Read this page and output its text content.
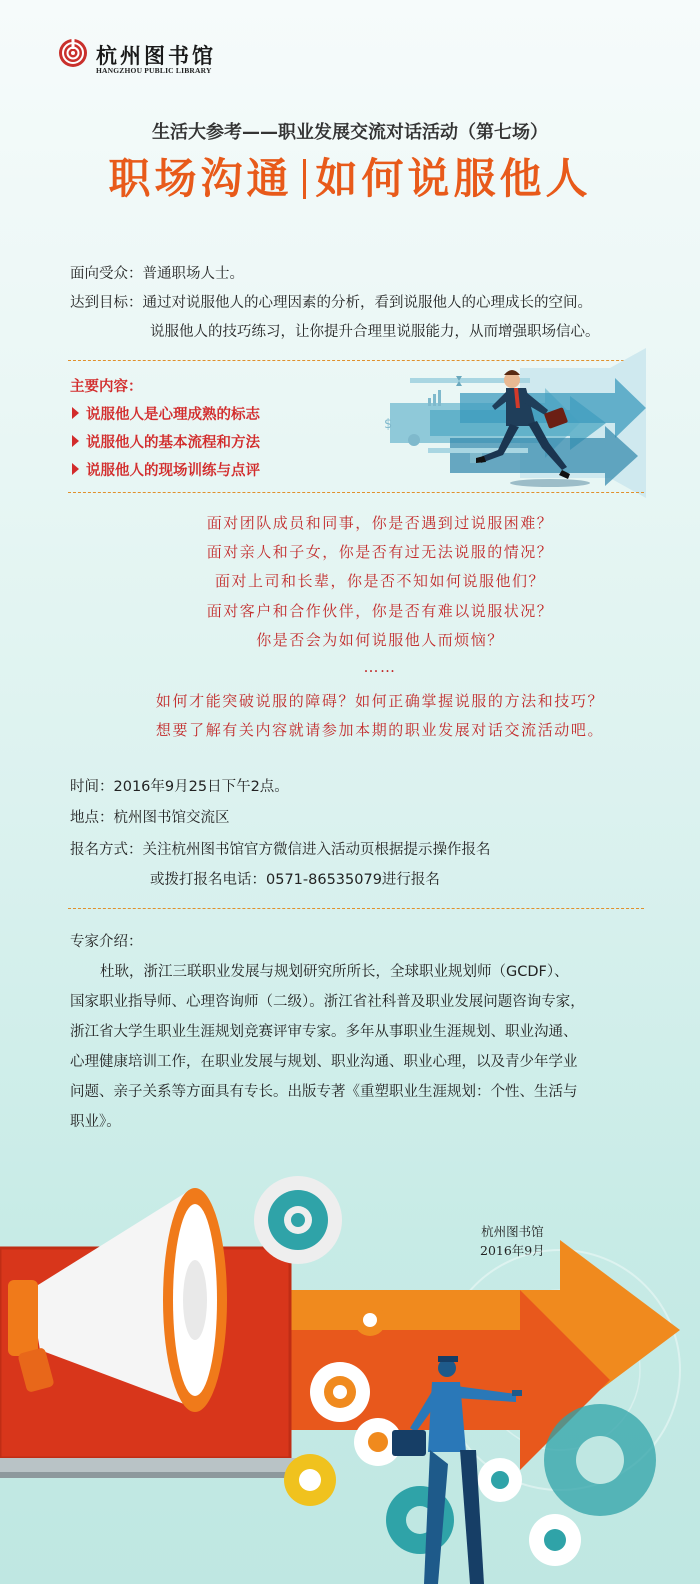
杭州图书馆
HANGZHOU PUBLIC LIBRARY
生活大参考——职业发展交流对话活动（第七场）
职场沟通 如何说服他人
面向受众：普通职场人士。
达到目标：通过对说服他人的心理因素的分析，看到说服他人的心理成长的空间。
说服他人的技巧练习，让你提升合理里说服能力，从而增强职场信心。
主要内容：
说服他人是心理成熟的标志
说服他人的基本流程和方法
说服他人的现场训练与点评
$
面对团队成员和同事，你是否遇到过说服困难？
面对亲人和子女，你是否有过无法说服的情况？
面对上司和长辈，你是否不知如何说服他们？
面对客户和合作伙伴，你是否有难以说服状况？
你是否会为如何说服他人而烦恼？
……
如何才能突破说服的障碍？如何正确掌握说服的方法和技巧？
想要了解有关内容就请参加本期的职业发展对话交流活动吧。
时间：2016年9月25日下午2点。
地点：杭州图书馆交流区
报名方式：关注杭州图书馆官方微信进入活动页根据提示操作报名
或拨打报名电话：0571-86535079进行报名
专家介绍：
杜耿，浙江三联职业发展与规划研究所所长，全球职业规划师（GCDF）、
国家职业指导师、心理咨询师（二级）。浙江省社科普及职业发展问题咨询专家，
浙江省大学生职业生涯规划竞赛评审专家。多年从事职业生涯规划、职业沟通、
心理健康培训工作，在职业发展与规划、职业沟通、职业心理，以及青少年学业
问题、亲子关系等方面具有专长。出版专著《重塑职业生涯规划：个性、生活与
职业》。
杭州图书馆
2016年9月
